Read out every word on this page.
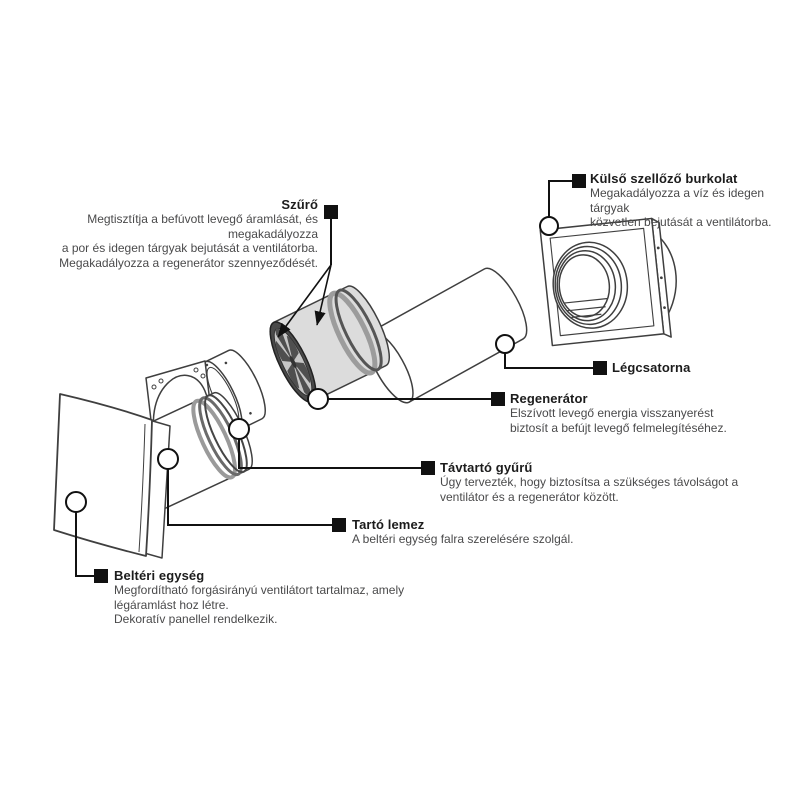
Szűrő
Megtisztítja a befúvott levegő áramlását, és megakadályozza
a por és idegen tárgyak bejutását a ventilátorba.
Megakadályozza a regenerátor szennyeződését.
Külső szellőző burkolat
Megakadályozza a víz és idegen tárgyak
közvetlen bejutását a ventilátorba.
Légcsatorna
Regenerátor
Elszívott levegő energia visszanyerést
biztosít a befújt levegő felmelegítéséhez.
Távtartó gyűrű
Úgy tervezték, hogy biztosítsa a szükséges távolságot a
ventilátor és a regenerátor között.
Tartó lemez
A beltéri egység falra szerelésére szolgál.
Beltéri egység
Megfordítható forgásirányú ventilátort tartalmaz, amely
légáramlást hoz létre.
Dekoratív panellel rendelkezik.
